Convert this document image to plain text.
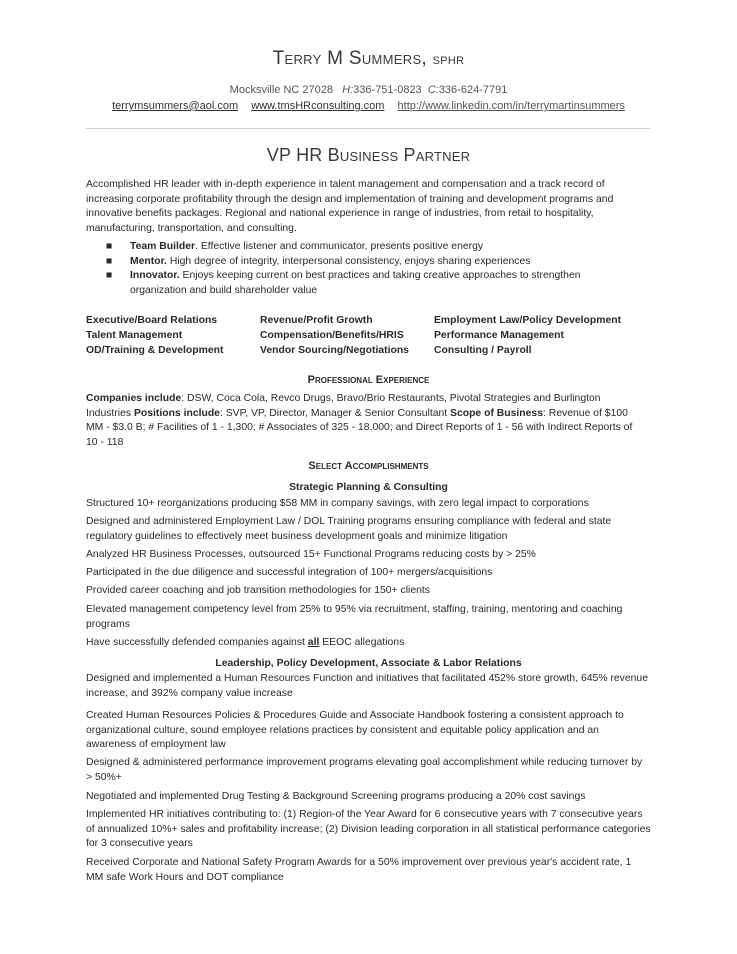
Terry M Summers, SPHR
Mocksville NC 27028 H:336-751-0823 C:336-624-7791
terrymsummers@aol.com www.tmsHRconsulting.com http://www.linkedin.com/in/terrymartinsummers
VP HR Business Partner
Accomplished HR leader with in-depth experience in talent management and compensation and a track record of increasing corporate profitability through the design and implementation of training and development programs and innovative benefits packages. Regional and national experience in range of industries, from retail to hospitality, manufacturing, transportation, and consulting.
■ Team Builder. Effective listener and communicator, presents positive energy
■ Mentor. High degree of integrity, interpersonal consistency, enjoys sharing experiences
■ Innovator. Enjoys keeping current on best practices and taking creative approaches to strengthen organization and build shareholder value
Executive/Board Relations
Talent Management
OD/Training & Development
Revenue/Profit Growth
Compensation/Benefits/HRIS
Vendor Sourcing/Negotiations
Employment Law/Policy Development
Performance Management
Consulting / Payroll
Professional Experience
Companies include: DSW, Coca Cola, Revco Drugs, Bravo/Brio Restaurants, Pivotal Strategies and Burlington Industries Positions include: SVP, VP, Director, Manager & Senior Consultant Scope of Business: Revenue of $100 MM - $3.0 B; # Facilities of 1 - 1,300; # Associates of 325 - 18,000; and Direct Reports of 1 - 56 with Indirect Reports of 10 - 118
Select Accomplishments
Strategic Planning & Consulting
Structured 10+ reorganizations producing $58 MM in company savings, with zero legal impact to corporations
Designed and administered Employment Law / DOL Training programs ensuring compliance with federal and state regulatory guidelines to effectively meet business development goals and minimize litigation
Analyzed HR Business Processes, outsourced 15+ Functional Programs reducing costs by > 25%
Participated in the due diligence and successful integration of 100+ mergers/acquisitions
Provided career coaching and job transition methodologies for 150+ clients
Elevated management competency level from 25% to 95% via recruitment, staffing, training, mentoring and coaching programs
Have successfully defended companies against all EEOC allegations
Leadership, Policy Development, Associate & Labor Relations
Designed and implemented a Human Resources Function and initiatives that facilitated 452% store growth, 645% revenue increase, and 392% company value increase
Created Human Resources Policies & Procedures Guide and Associate Handbook fostering a consistent approach to organizational culture, sound employee relations practices by consistent and equitable policy application and an awareness of employment law
Designed & administered performance improvement programs elevating goal accomplishment while reducing turnover by > 50%+
Negotiated and implemented Drug Testing & Background Screening programs producing a 20% cost savings
Implemented HR initiatives contributing to: (1) Region-of the Year Award for 6 consecutive years with 7 consecutive years of annualized 10%+ sales and profitability increase; (2) Division leading corporation in all statistical performance categories for 3 consecutive years
Received Corporate and National Safety Program Awards for a 50% improvement over previous year's accident rate, 1 MM safe Work Hours and DOT compliance
